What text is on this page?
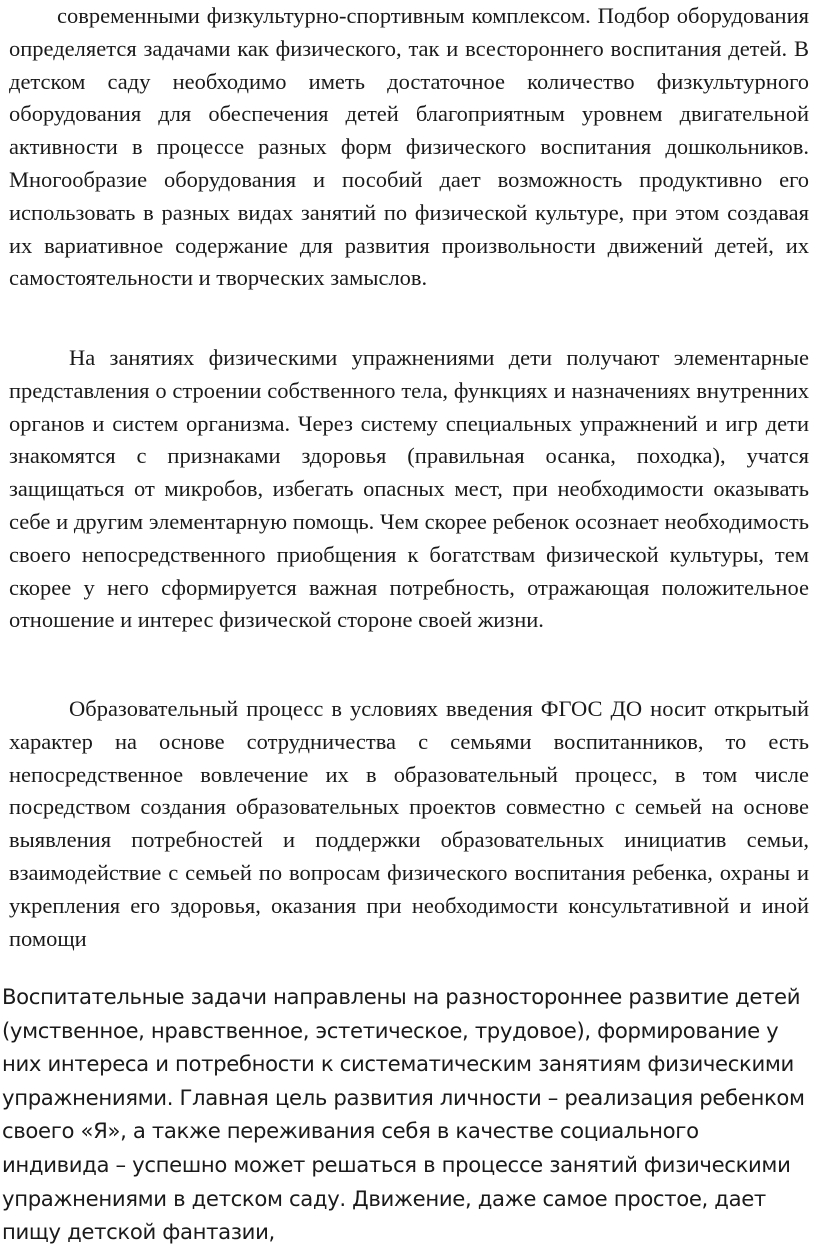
современными физкультурно-спортивным комплексом. Подбор оборудования определяется задачами как физического, так и всестороннего воспитания детей. В детском саду необходимо иметь достаточное количество физкультурного оборудования для обеспечения детей благоприятным уровнем двигательной активности в процессе разных форм физического воспитания дошкольников. Многообразие оборудования и пособий дает возможность продуктивно его использовать в разных видах занятий по физической культуре, при этом создавая их вариативное содержание для развития произвольности движений детей, их самостоятельности и творческих замыслов.

На занятиях физическими упражнениями дети получают элементарные представления о строении собственного тела, функциях и назначениях внутренних органов и систем организма. Через систему специальных упражнений и игр дети знакомятся с признаками здоровья (правильная осанка, походка), учатся защищаться от микробов, избегать опасных мест, при необходимости оказывать себе и другим элементарную помощь. Чем скорее ребенок осознает необходимость своего непосредственного приобщения к богатствам физической культуры, тем скорее у него сформируется важная потребность, отражающая положительное отношение и интерес физической стороне своей жизни.

Образовательный процесс в условиях введения ФГОС ДО носит открытый характер на основе сотрудничества с семьями воспитанников, то есть непосредственное вовлечение их в образовательный процесс, в том числе посредством создания образовательных проектов совместно с семьей на основе выявления потребностей и поддержки образовательных инициатив семьи, взаимодействие с семьей по вопросам физического воспитания ребенка, охраны и укрепления его здоровья, оказания при необходимости консультативной и иной помощи

Воспитательные задачи направлены на разностороннее развитие детей (умственное, нравственное, эстетическое, трудовое), формирование у них интереса и потребности к систематическим занятиям физическими упражнениями. Главная цель развития личности – реализация ребенком своего «Я», а также переживания себя в качестве социального индивида – успешно может решаться в процессе занятий физическими упражнениями в детском саду. Движение, даже самое простое, дает пищу детской фантазии,
